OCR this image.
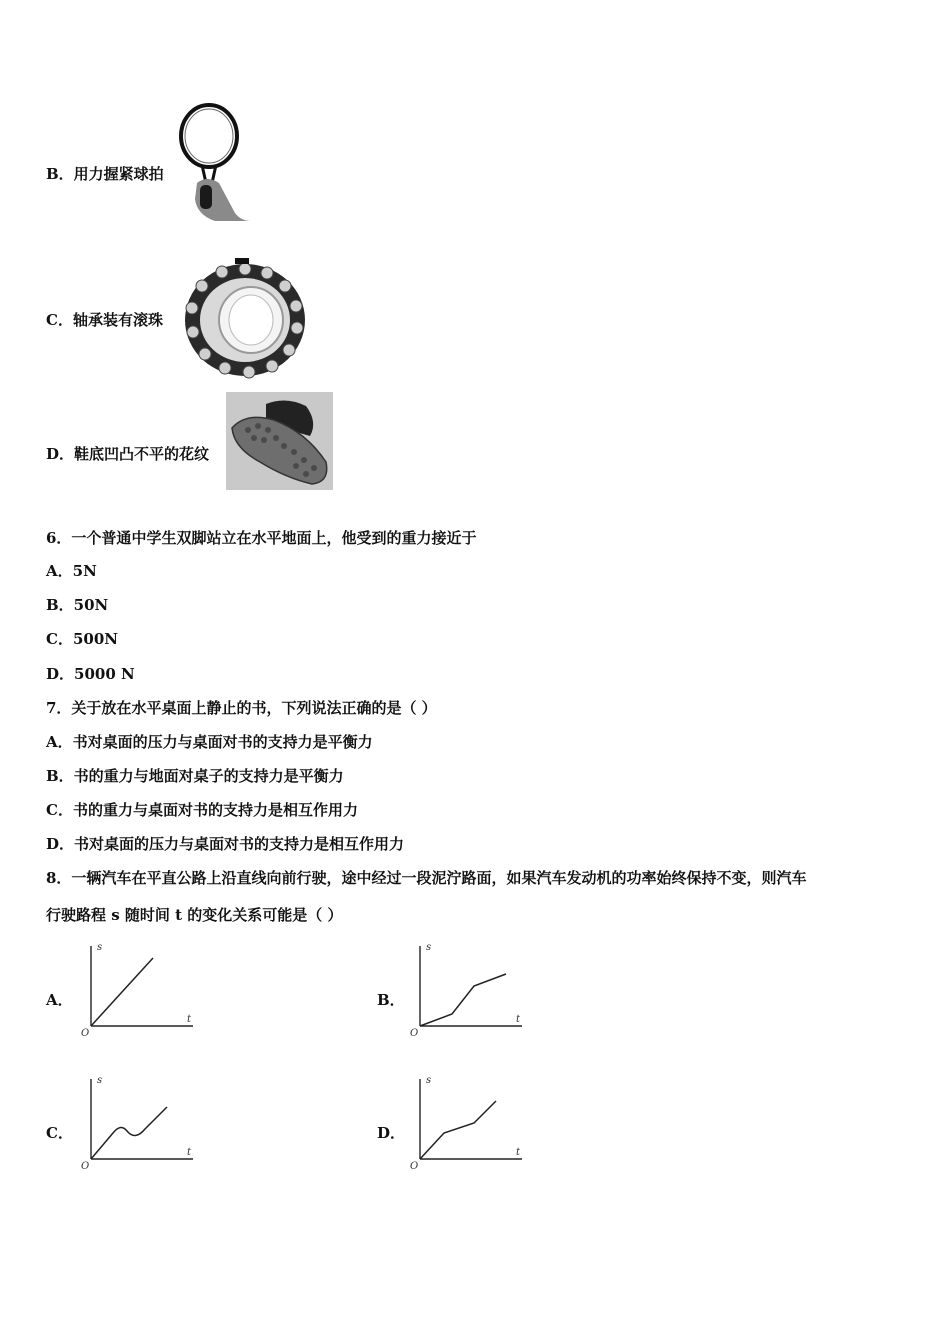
B．用力握紧球拍
C．轴承装有滚珠
D．鞋底凹凸不平的花纹
6．一个普通中学生双脚站立在水平地面上，他受到的重力接近于
A．5N
B．50N
C．500N
D．5000 N
7．关于放在水平桌面上静止的书，下列说法正确的是（ ）
A．书对桌面的压力与桌面对书的支持力是平衡力
B．书的重力与地面对桌子的支持力是平衡力
C．书的重力与桌面对书的支持力是相互作用力
D．书对桌面的压力与桌面对书的支持力是相互作用力
8．一辆汽车在平直公路上沿直线向前行驶，途中经过一段泥泞路面，如果汽车发动机的功率始终保持不变，则汽车
行驶路程 s 随时间 t 的变化关系可能是（ ）
A．
s
t
O
B．
s
t
O
C．
s
t
O
D．
s
t
O
